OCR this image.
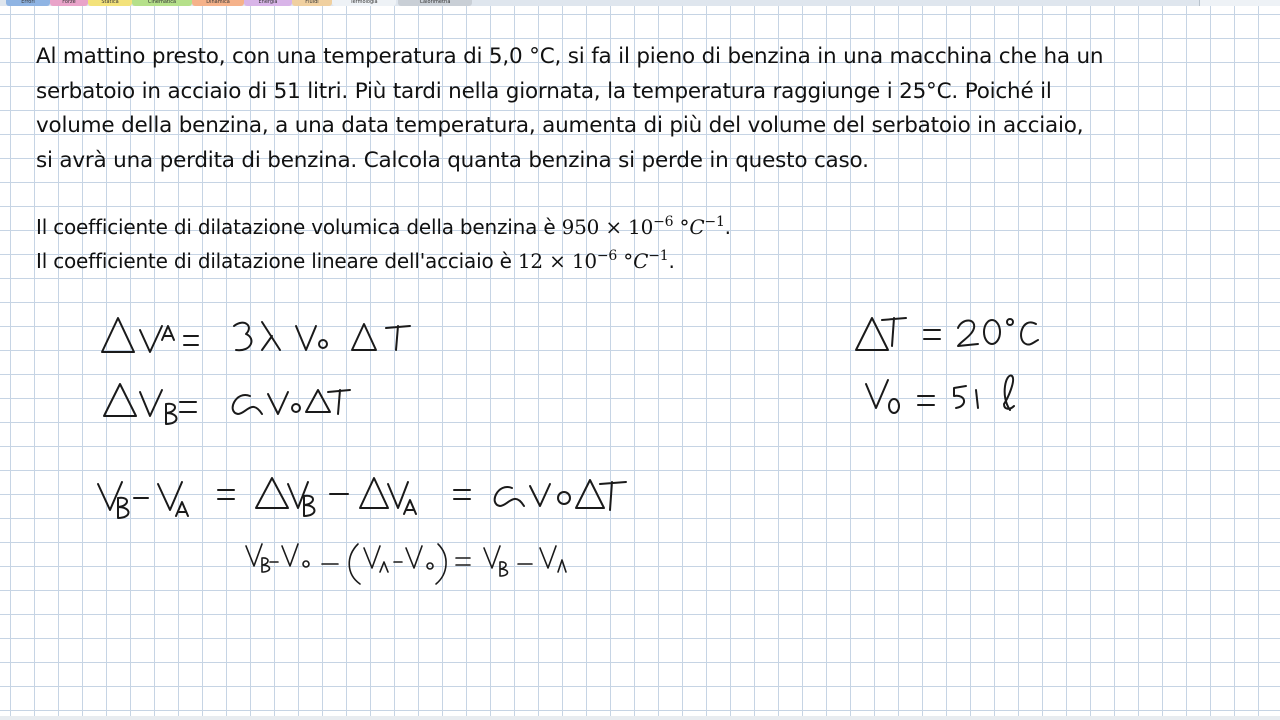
Errori	Forze	Statica	Cinematica	Dinamica	Energia	Fluidi	Termologia	Calorimetria
Al mattino presto, con una temperatura di 5,0 °C, si fa il pieno di benzina in una macchina che ha un
serbatoio in acciaio di 51 litri. Più tardi nella giornata, la temperatura raggiunge i 25°C. Poiché il
volume della benzina, a una data temperatura, aumenta di più del volume del serbatoio in acciaio,
si avrà una perdita di benzina. Calcola quanta benzina si perde in questo caso.
Il coefficiente di dilatazione volumica della benzina è $950 \times 10^{-6}$ $^\circ C^{-1}$.
Il coefficiente di dilatazione lineare dell'acciaio è $12 \times 10^{-6}$ $^\circ C^{-1}$.
